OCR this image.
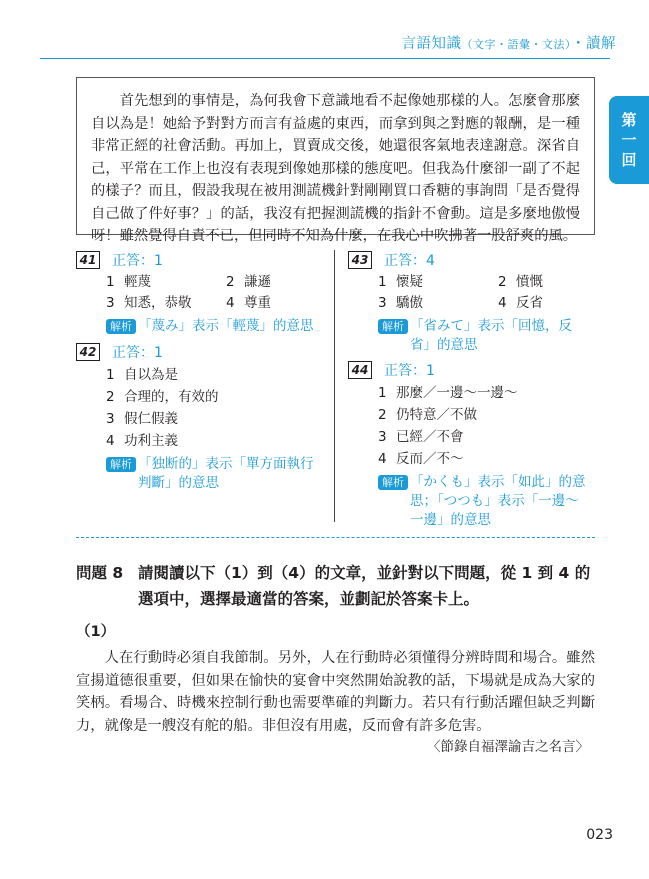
言語知識（文字・語彙・文法）・讀解
第
一
回

首先想到的事情是，為何我會下意識地看不起像她那樣的人。怎麼會那麼自以為是！她給予對對方而言有益處的東西，而拿到與之對應的報酬，是一種非常正經的社會活動。再加上，買賣成交後，她還很客氣地表達謝意。深省自己，平常在工作上也沒有表現到像她那樣的態度吧。但我為什麼卻一副了不起的樣子？而且，假設我現在被用測謊機針對剛剛買口香糖的事詢問「是否覺得自己做了件好事？」的話，我沒有把握測謊機的指針不會動。這是多麼地傲慢呀！雖然覺得自責不已，但同時不知為什麼，在我心中吹拂著一股舒爽的風。

41 正答：1
1 輕蔑	2 謙遜
3 知悉，恭敬	4 尊重
解析 「蔑み」表示「輕蔑」的意思
42 正答：1
1 自以為是
2 合理的，有效的
3 假仁假義
4 功利主義
解析 「独断的」表示「單方面執行判斷」的意思
43 正答：4
1 懷疑	2 憤慨
3 驕傲	4 反省
解析 「省みて」表示「回憶，反省」的意思
44 正答：1
1 那麼／一邊～一邊～
2 仍特意／不做
3 已經／不會
4 反而／不～
解析 「かくも」表示「如此」的意思；「つつも」表示「一邊～一邊」的意思
問題 8 請閱讀以下（1）到（4）的文章，並針對以下問題，從 1 到 4 的選項中，選擇最適當的答案，並劃記於答案卡上。
（1）

人在行動時必須自我節制。另外，人在行動時必須懂得分辨時間和場合。雖然宣揚道德很重要，但如果在愉快的宴會中突然開始說教的話，下場就是成為大家的笑柄。看場合、時機來控制行動也需要準確的判斷力。若只有行動活躍但缺乏判斷力，就像是一艘沒有舵的船。非但沒有用處，反而會有許多危害。

〈節錄自福澤諭吉之名言〉
023
